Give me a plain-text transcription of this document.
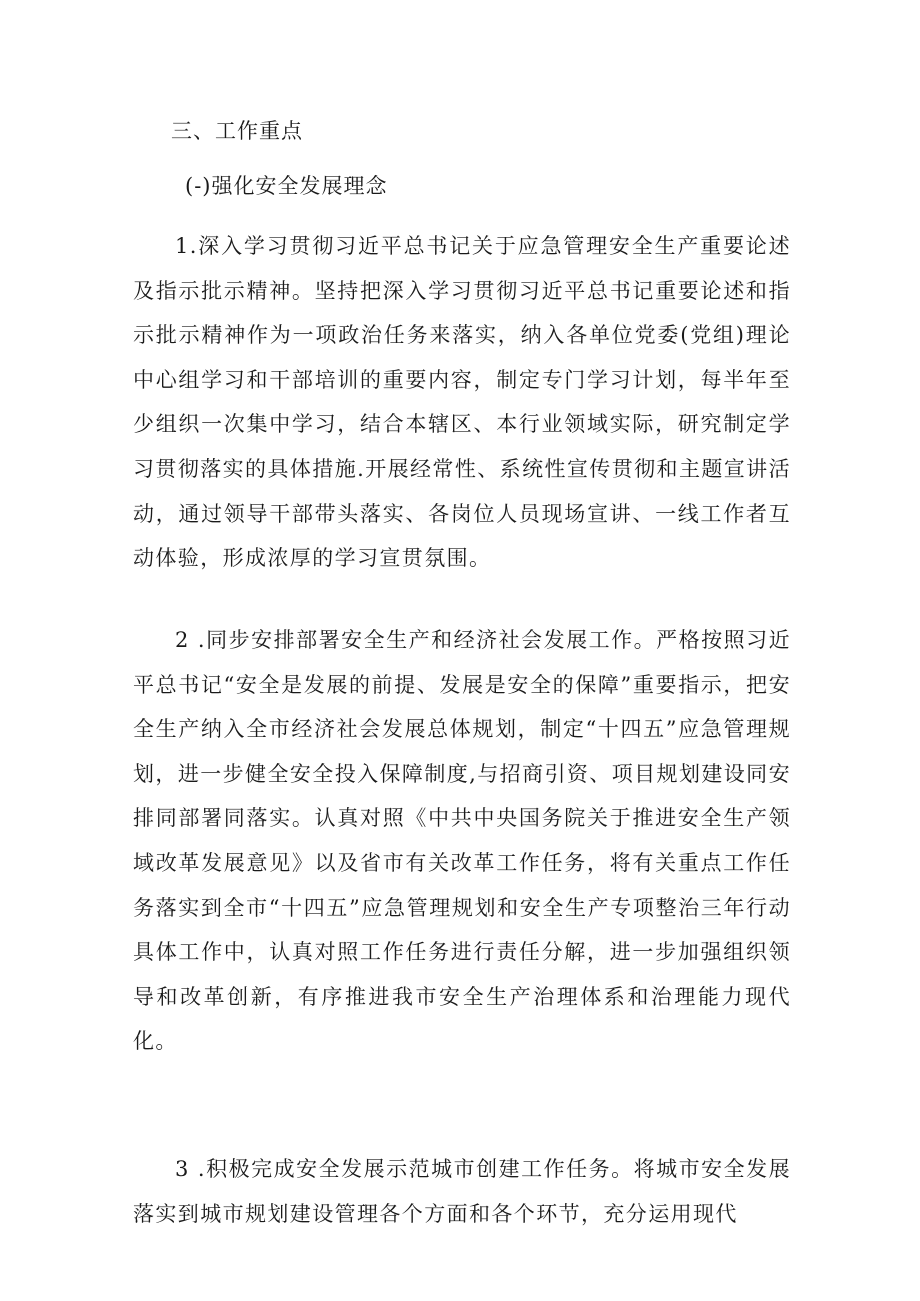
三、工作重点
(-)强化安全发展理念

1.深入学习贯彻习近平总书记关于应急管理安全生产重要论述及指示批示精神。坚持把深入学习贯彻习近平总书记重要论述和指示批示精神作为一项政治任务来落实，纳入各单位党委(党组)理论中心组学习和干部培训的重要内容，制定专门学习计划，每半年至少组织一次集中学习，结合本辖区、本行业领域实际，研究制定学习贯彻落实的具体措施.开展经常性、系统性宣传贯彻和主题宣讲活动，通过领导干部带头落实、各岗位人员现场宣讲、一线工作者互动体验，形成浓厚的学习宣贯氛围。

2 .同步安排部署安全生产和经济社会发展工作。严格按照习近平总书记“安全是发展的前提、发展是安全的保障”重要指示，把安全生产纳入全市经济社会发展总体规划，制定“十四五”应急管理规划，进一步健全安全投入保障制度,与招商引资、项目规划建设同安排同部署同落实。认真对照《中共中央国务院关于推进安全生产领域改革发展意见》以及省市有关改革工作任务，将有关重点工作任务落实到全市“十四五”应急管理规划和安全生产专项整治三年行动具体工作中，认真对照工作任务进行责任分解，进一步加强组织领导和改革创新，有序推进我市安全生产治理体系和治理能力现代化。

3 .积极完成安全发展示范城市创建工作任务。将城市安全发展落实到城市规划建设管理各个方面和各个环节，充分运用现代
